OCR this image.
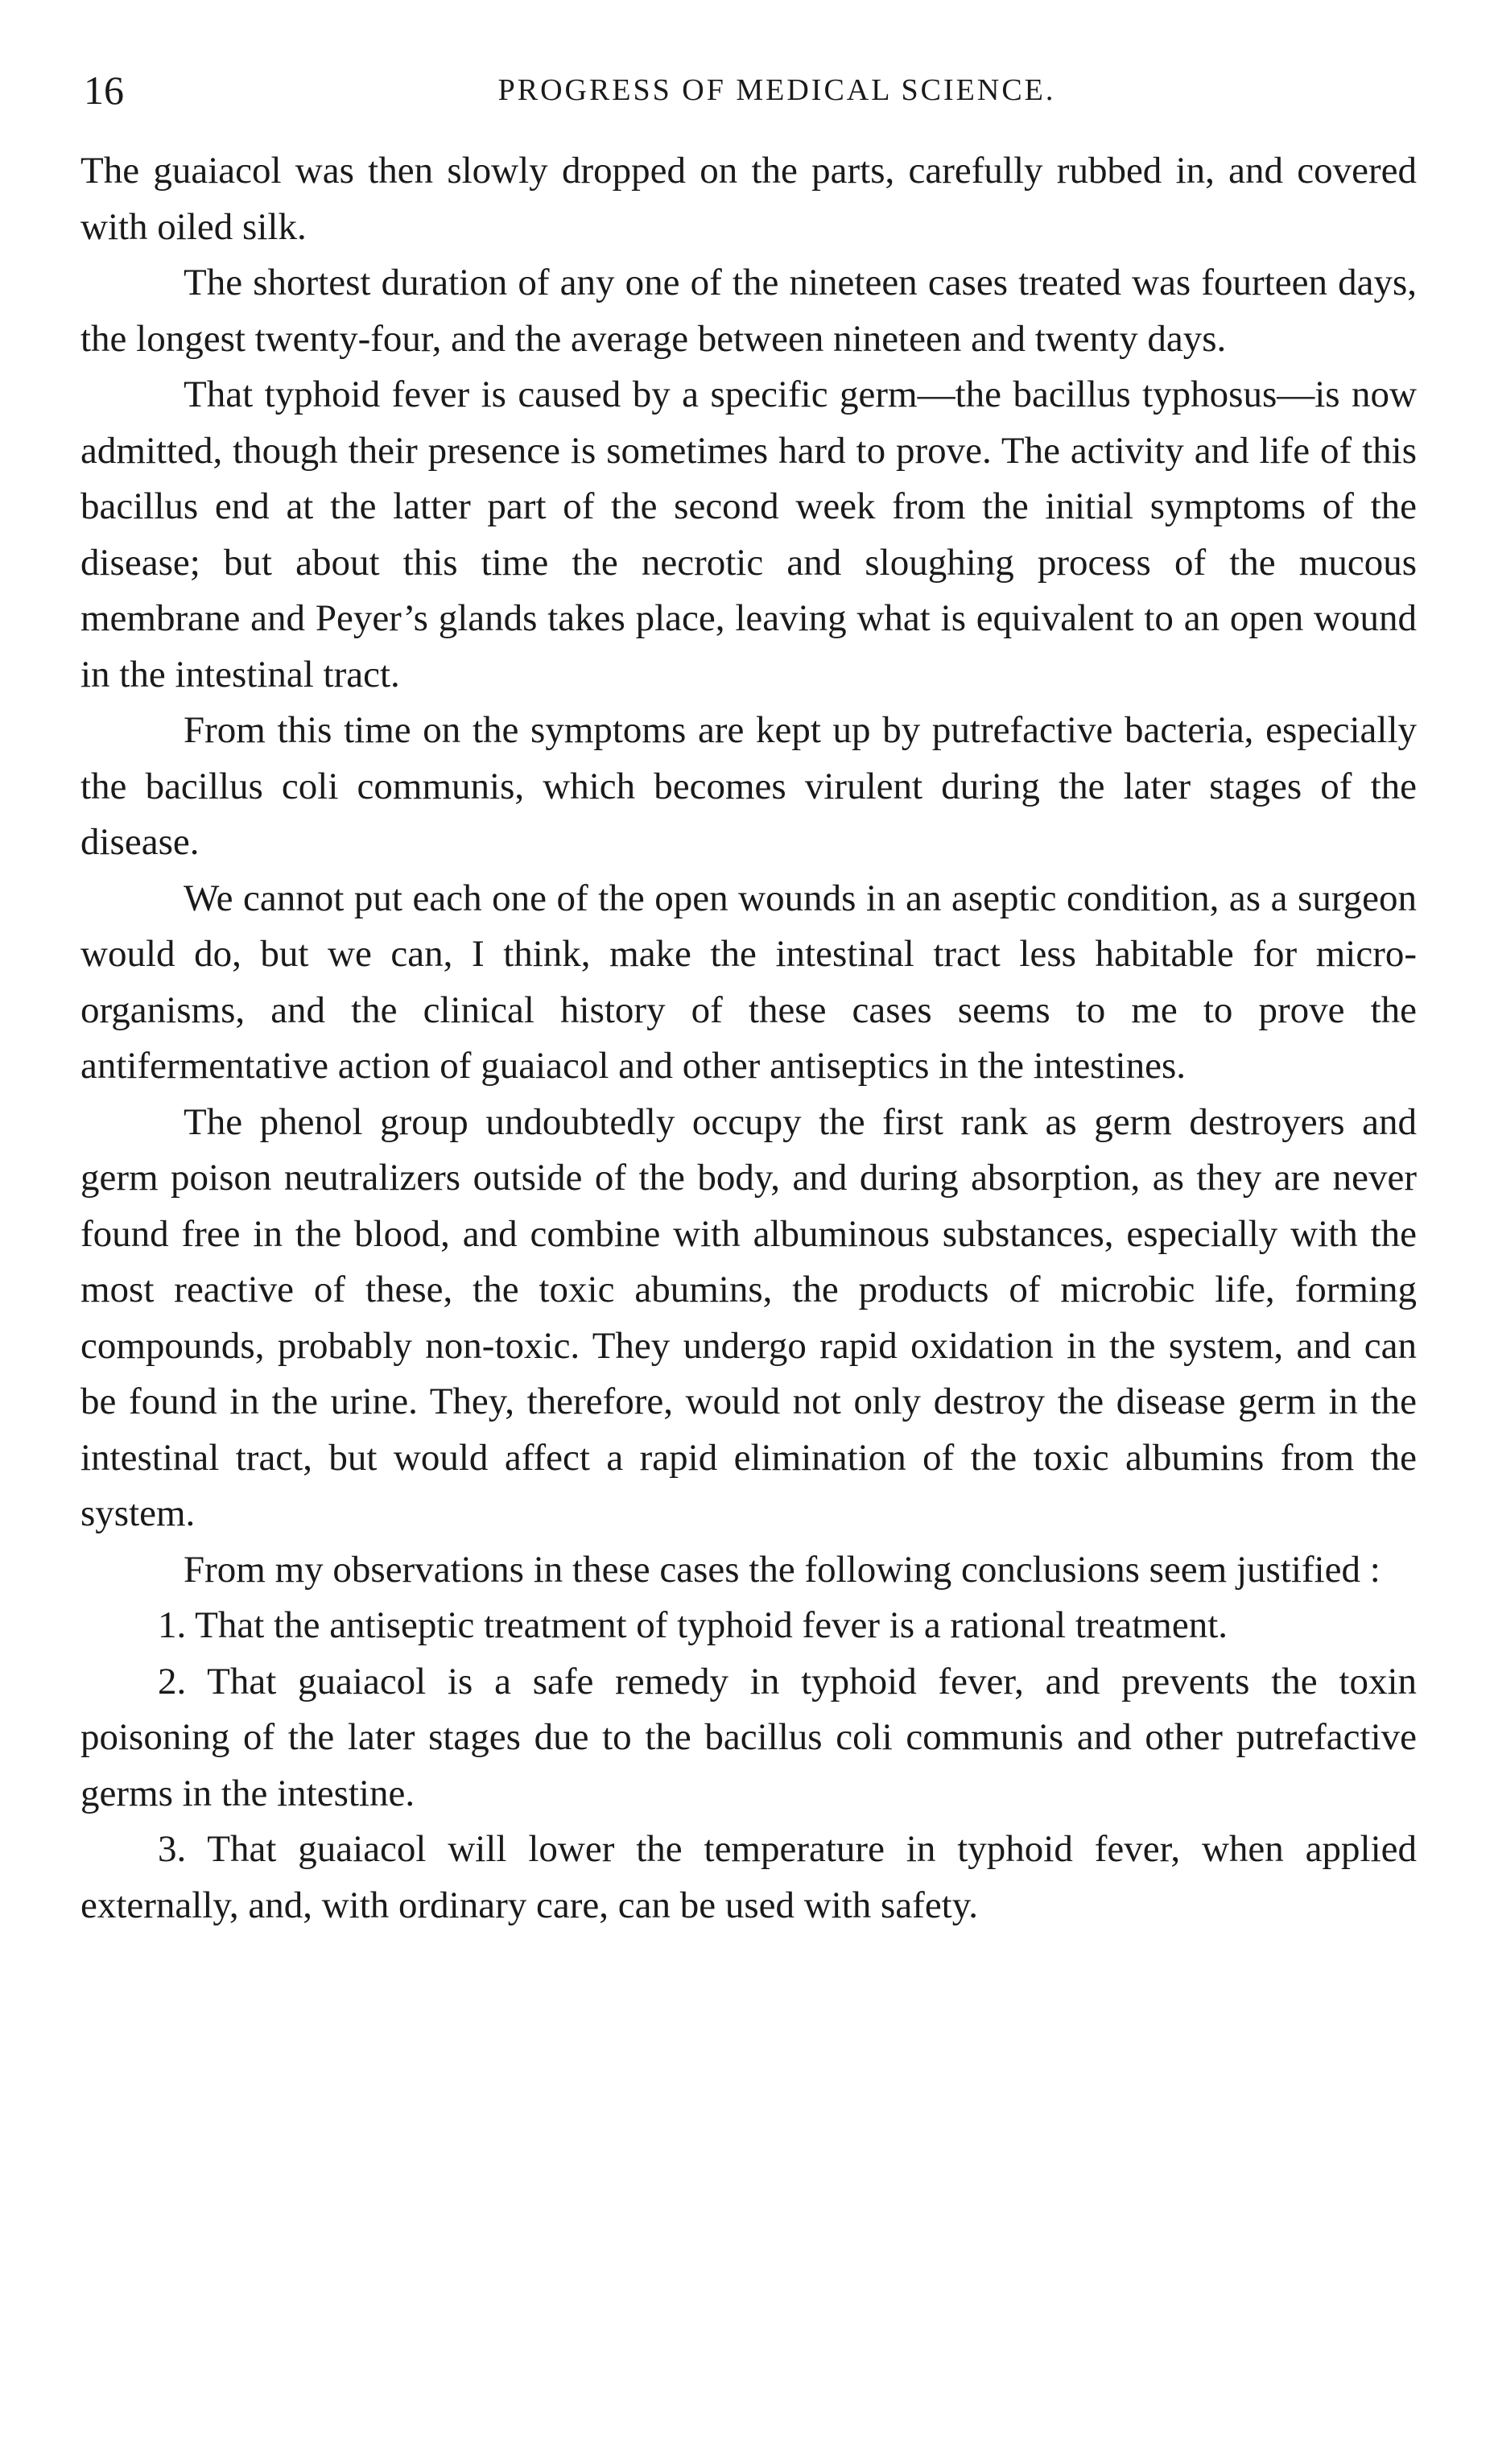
16	PROGRESS OF MEDICAL SCIENCE.

The guaiacol was then slowly dropped on the parts, carefully rubbed in, and covered with oiled silk.

The shortest duration of any one of the nineteen cases treated was fourteen days, the longest twenty-four, and the average between nineteen and twenty days.

That typhoid fever is caused by a specific germ—the bacillus typhosus—is now admitted, though their presence is sometimes hard to prove. The activity and life of this bacillus end at the latter part of the second week from the initial symptoms of the disease; but about this time the necrotic and sloughing process of the mucous membrane and Peyer’s glands takes place, leaving what is equivalent to an open wound in the intestinal tract.

From this time on the symptoms are kept up by putrefactive bacteria, especially the bacillus coli communis, which becomes virulent during the later stages of the disease.

We cannot put each one of the open wounds in an aseptic condition, as a surgeon would do, but we can, I think, make the intestinal tract less habitable for micro-organisms, and the clinical history of these cases seems to me to prove the antifermentative action of guaiacol and other antiseptics in the intestines.

The phenol group undoubtedly occupy the first rank as germ destroyers and germ poison neutralizers outside of the body, and during absorption, as they are never found free in the blood, and combine with albuminous substances, especially with the most reactive of these, the toxic abumins, the products of microbic life, forming compounds, probably non-toxic. They undergo rapid oxidation in the system, and can be found in the urine. They, therefore, would not only destroy the disease germ in the intestinal tract, but would affect a rapid elimination of the toxic albumins from the system.

From my observations in these cases the following conclusions seem justified :

1. That the antiseptic treatment of typhoid fever is a rational treatment.

2. That guaiacol is a safe remedy in typhoid fever, and prevents the toxin poisoning of the later stages due to the bacillus coli communis and other putrefactive germs in the intestine.

3. That guaiacol will lower the temperature in typhoid fever, when applied externally, and, with ordinary care, can be used with safety.
